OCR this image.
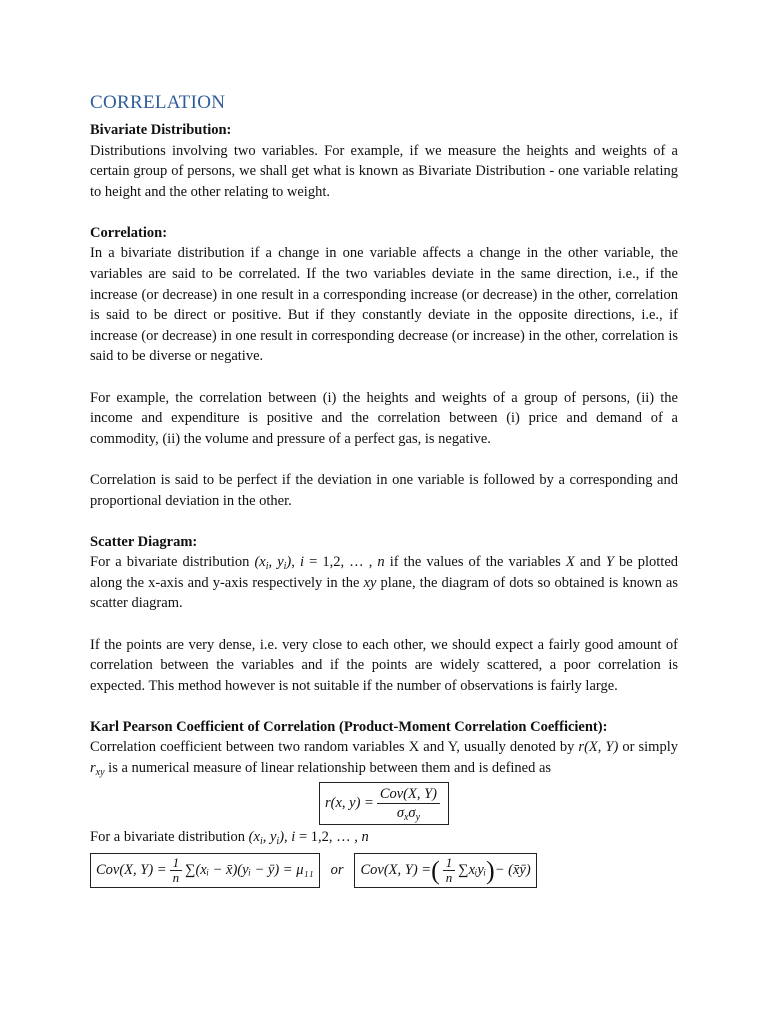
CORRELATION
Bivariate Distribution:

Distributions involving two variables. For example, if we measure the heights and weights of a certain group of persons, we shall get what is known as Bivariate Distribution - one variable relating to height and the other relating to weight.

Correlation:

In a bivariate distribution if a change in one variable affects a change in the other variable, the variables are said to be correlated. If the two variables deviate in the same direction, i.e., if the increase (or decrease) in one result in a corresponding increase (or decrease) in the other, correlation is said to be direct or positive. But if they constantly deviate in the opposite directions, i.e., if increase (or decrease) in one result in corresponding decrease (or increase) in the other, correlation is said to be diverse or negative.

For example, the correlation between (i) the heights and weights of a group of persons, (ii) the income and expenditure is positive and the correlation between (i) price and demand of a commodity, (ii) the volume and pressure of a perfect gas, is negative.

Correlation is said to be perfect if the deviation in one variable is followed by a corresponding and proportional deviation in the other.

Scatter Diagram:

For a bivariate distribution ($x_i$, $y_i$), i = 1,2, … , n if the values of the variables X and Y be plotted along the x-axis and y-axis respectively in the xy plane, the diagram of dots so obtained is known as scatter diagram.

If the points are very dense, i.e. very close to each other, we should expect a fairly good amount of correlation between the variables and if the points are widely scattered, a poor correlation is expected. This method however is not suitable if the number of observations is fairly large.

Karl Pearson Coefficient of Correlation (Product-Moment Correlation Coefficient):

Correlation coefficient between two random variables X and Y, usually denoted by r(X, Y) or simply $r_{xy}$ is a numerical measure of linear relationship between them and is defined as

r(x, $y) = \frac{\text{Cov(X, Y)}}{\sigma_x\sigma_y}$

For a bivariate distribution ($x_i$, $y_i$), i = 1,2, … , n

Cov(X, $Y) = \frac{1}{n}$ ∑(xᵢ − x̄)(yᵢ − ȳ) = μ₁₁ or Cov(X, Y) = ( $\frac{1}{n}$ ∑xᵢyᵢ ) − (x̄ȳ)
